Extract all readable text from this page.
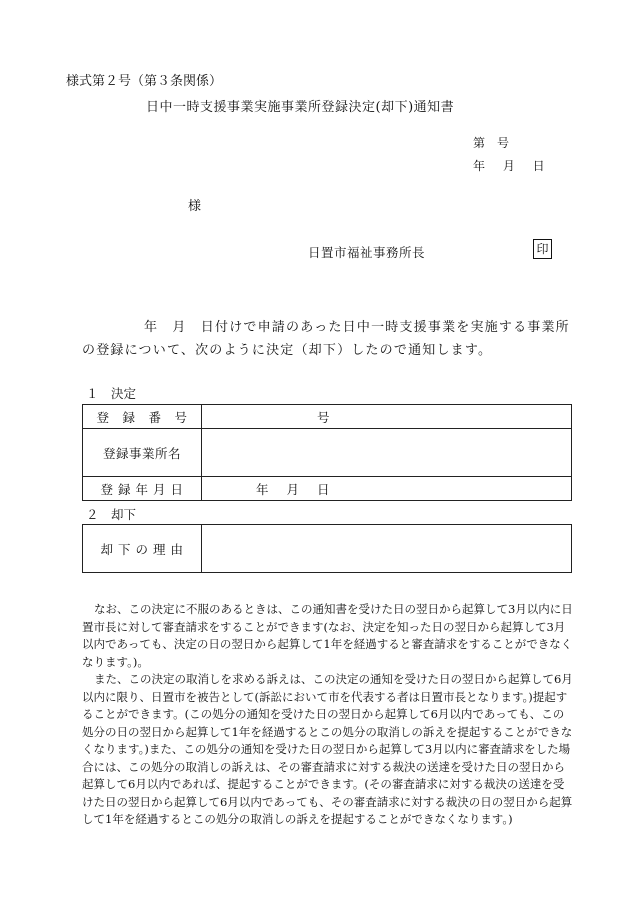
様式第２号（第３条関係）
日中一時支援事業実施事業所登録決定(却下)通知書
第　号
年 月 日
様
日置市福祉事務所長	印
年　月　日付けで申請のあった日中一時支援事業を実施する事業所の登録について、次のように決定（却下）したので通知します。
１　決定
登　録　番　号	号
登録事業所名	
登 録 年 月 日	年 月 日
２　却下
却 下 の 理 由	

なお、この決定に不服のあるときは、この通知書を受けた日の翌日から起算して3月以内に日置市長に対して審査請求をすることができます(なお、決定を知った日の翌日から起算して3月以内であっても、決定の日の翌日から起算して1年を経過すると審査請求をすることができなくなります。)。

また、この決定の取消しを求める訴えは、この決定の通知を受けた日の翌日から起算して6月以内に限り、日置市を被告として(訴訟において市を代表する者は日置市長となります。)提起することができます。(この処分の通知を受けた日の翌日から起算して6月以内であっても、この処分の日の翌日から起算して1年を経過するとこの処分の取消しの訴えを提起することができなくなります。)また、この処分の通知を受けた日の翌日から起算して3月以内に審査請求をした場合には、この処分の取消しの訴えは、その審査請求に対する裁決の送達を受けた日の翌日から起算して6月以内であれば、提起することができます。(その審査請求に対する裁決の送達を受けた日の翌日から起算して6月以内であっても、その審査請求に対する裁決の日の翌日から起算して1年を経過するとこの処分の取消しの訴えを提起することができなくなります。)
